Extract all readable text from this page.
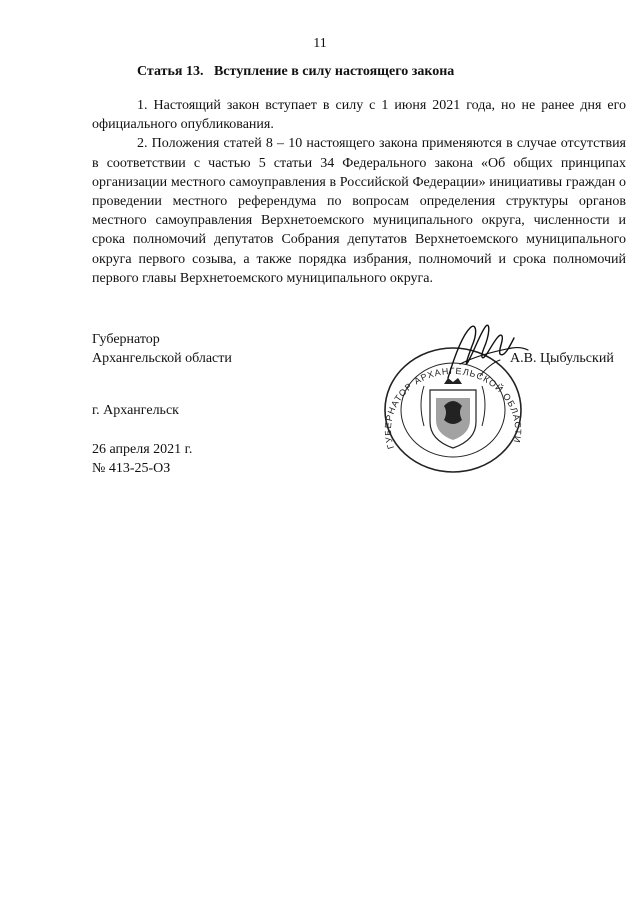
11
Статья 13.   Вступление в силу настоящего закона

1. Настоящий закон вступает в силу с 1 июня 2021 года, но не ранее дня его официального опубликования.

2. Положения статей 8 – 10 настоящего закона применяются в случае отсутствия в соответствии с частью 5 статьи 34 Федерального закона «Об общих принципах организации местного самоуправления в Российской Федерации» инициативы граждан о проведении местного референдума по вопросам определения структуры органов местного самоуправления Верхнетоемского муниципального округа, численности и срока полномочий депутатов Собрания депутатов Верхнетоемского муниципального округа первого созыва, а также порядка избрания, полномочий и срока полномочий первого главы Верхнетоемского муниципального округа.

Губернатор
Архангельской области
ГУБЕРНАТОР АРХАНГЕЛЬСКОЙ ОБЛАСТИ
А.В. Цыбульский
г. Архангельск
26 апреля 2021 г.
№ 413-25-ОЗ
